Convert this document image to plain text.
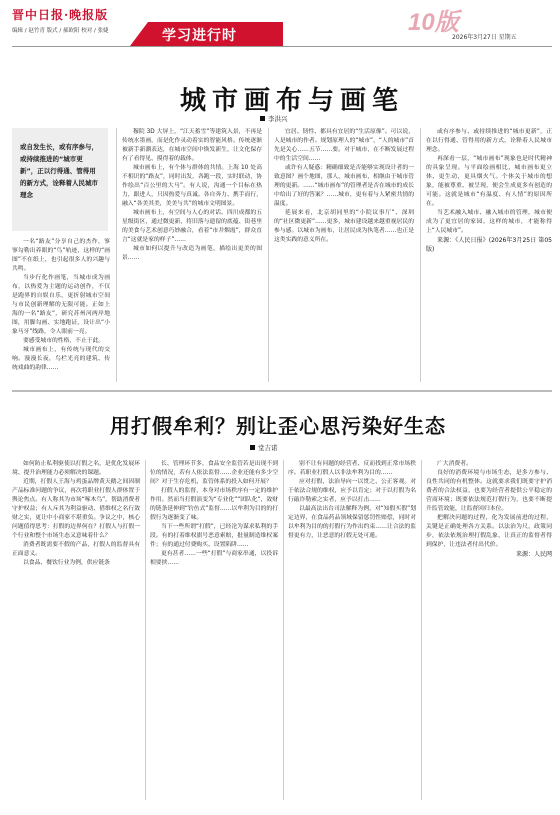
晋中日报·晚报版
编辑 / 赵竹青 版式 / 郝欧阳 校对 / 张婕	学习进行时	10版
2026年3月27日 星期五
城市画布与画笔
李洪兴
或自发生长，或有序参与，或持续推进的“城市更新”，正以行得通、管得用的新方式，诠释着人民城市理念

一名“路友”分享自己的杰作，寥寥勾勒出养眼的“鸟”轨迹，这样的“画图”不在纸上，也引起很多人的兴趣与共鸣。

当步行化作画笔，当城市成为画布，以热爱为主题的运动创作，不仅是跑界的自娱自乐，更折射城市空间与市民创新理解的无限可能。正如上海的一名“路友”，研究苏州河两岸地图，用脚勾画、实地跑证，设计出“小象马牙”线路，令人眼前一亮。

要感受城市的性格，不止于此。

城市画布上，有传统与现代的交响。漫漫长夜，鸟栏光亮的建筑、传统戏曲的韵律……

穆院 3D 大屏上，“江天蓄雪”等建筑入景，不再是传统水墨画，而是化作灵动着实的智能风格。传统逐渐被新手新潮表达，在城市空间中焕发新生，让文化保存有了看得见、摸得着的载体。

城市画布上，有个体与群体的共情。上海 10 处高不相识的“路友”，同时出发，各跑一段，实时联动，协作绘出“百公里的大马”。有人说，沟通一个目标在热力，跟进人，只因热爱与真诚。各自奔力、携手而行，融入“各美其美，美美与共”的城市文明图景。

城市画布上，有空间与人心的对话。四川成都的五星级街区，通过微更新，将旧落与遗留的底蕴、街巷里的美食与艺术创意巧妙融合，看着“市井烟霞”，群众直言“这就是家的样子”……

城市如何以提升与改造为画笔，描绘出更美的图景……

宜居、韧性、都具有宜居的“生活原像”。可以说，人是城市的作者。规划原理人的“城市”，“人的城市”首先是关心……五节……要。对于城市，在不断发展过程中的生活空间……

或许有人疑惑：精确细致是否能够实现设计者的一致意图？画个地图，那人，城市画布，相继由于城市管理的更新。……“城市画布”的管理者是否在城市的成长中给出了好的答案？……城市，更有着与人紧密共情的温度。

延展来看，北京胡同里的“小院议事厅”、深圳的“社区微更新”……更多，城市建设越来越重视居民的参与感。以城市为画布，让居民成为执笔者……也正是这类实践的意义所在。

或有序参与、或持续推进的“城市更新”，正在以行得通、管得用的新方式，诠释着人民城市理念。

再深看一层，“城市画布”现象也是时代精神的具象呈现。与平面绘画相比，城市画布更立体、更生动，更具烟火气。个体关于城市的想象，能被尊重、被呈现，便会生成更多有创造的可能。这就是城市“有温度、有人情”的原因所在。

当艺术融入城市、融入城市的管理，城市便成为了更宜居的家园。这样的城市，才能称得上“人民城市”。

来源：《人民日报》(2026年3月25日 第05版)

用打假牟利？别让歪心思污染好生态
堂吉诺

如何防止私利驱使以打假之名，是优化发展环境、提升治理能力必须解决的课题。

近期，打假人王海与鸡蛋品牌黄天鹅之间因制产品标准问题的争议，再次将职业打假人群体置于舆论焦点。有人称其为市场“啄木鸟”，帮助消费者守护权益；有人斥其为利益驱动、借维权之名行敛财之实，更让中小商家不堪重负。争议之中，核心问题值得思考：打假的边界何在？打假人与打假一个行业和整个市场生态又意味着什么？

消费者既需要不假的产品，打假人的监督具有正面意义。

以食品、餐饮行业为例，供应链条

长、管理环节多，食品安全监管若是出现不到位的情况，若有人依法监督……企业还能有多少空间？对于生存危机，监管体系的投入如何开展？

打假人的监督，本身对市场秩序有一定的维护作用。然而当打假演变为“专业化”“团队化”，敛财的链条延伸到“钓鱼式”监督……以牟利为目的的打假行为逐渐变了味。

当下一些所谓“打假”，已经沦为谋求私利的手段。有的打着维权旗号恶意索赔，批量制造维权案件；有的通过付费购买、设置陷阱……

更有甚者……一些“打假”与商家串通，以投诉相要挟……

别不让有问题的经营者、反而找到正常市场秩序。若职业打假人以非法牟利为目的……

应对打假，法治导向一以贯之、公正客观。对于依法合规的维权，应予以肯定；对于以打假为名行敲诈勒索之实者，应予以打击……

以最高法出台司法解释为例，对“知假买假”划定边界，在食品药品领域保留惩罚性赔偿，同时对以牟利为目的的打假行为作出约束……让合法的监督更有力，让恶意的打假无处可遁。

广大消费者。

良好的消费环境与市场生态，是多方参与、良性共同的有机整体。这就要求我们既要守护消费者的合法权益，也要为经营者提供公平稳定的营商环境；既要依法规范打假行为，也要不断提升监管效能，让监督回归本位。

把解决问题的过程，化为发展前进的过程，关键是正确处理各方关系。以法治为尺，政策同步，依法依规治理打假乱象，让真正的监督者得到保护，让违法者付出代价。

来源：人民网
